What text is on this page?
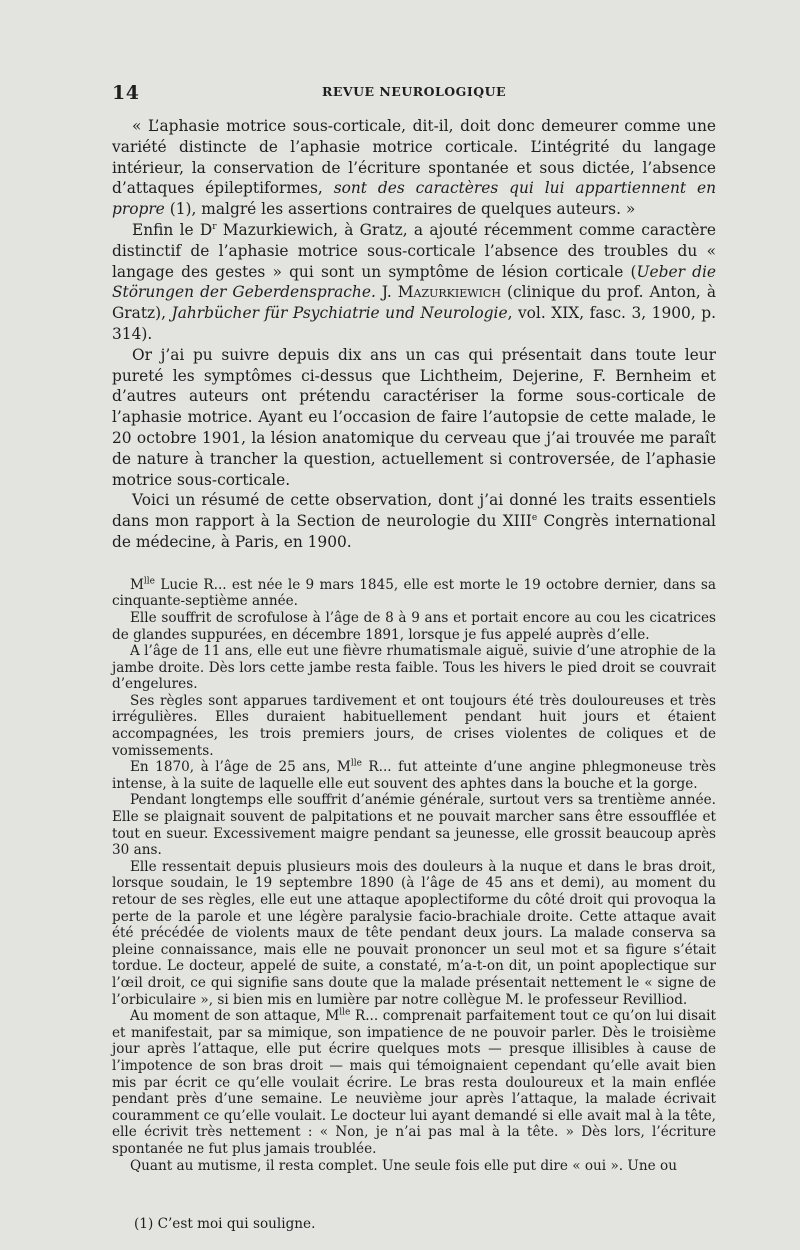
14	REVUE NEUROLOGIQUE

« L’aphasie motrice sous-corticale, dit-il, doit donc demeurer comme une variété distincte de l’aphasie motrice corticale. L’intégrité du langage intérieur, la conservation de l’écriture spontanée et sous dictée, l’absence d’attaques épileptiformes, sont des caractères qui lui appartiennent en propre (1), malgré les assertions contraires de quelques auteurs. »

Enfin le $D^r$ Mazurkiewich, à Gratz, a ajouté récemment comme caractère distinctif de l’aphasie motrice sous-corticale l’absence des troubles du « langage des gestes » qui sont un symptôme de lésion corticale (Ueber die Störungen der Geberdensprache. J. Mazurkiewich (clinique du prof. Anton, à Gratz), Jahrbücher für Psychiatrie und Neurologie, vol. XIX, fasc. 3, 1900, p. 314).

Or j’ai pu suivre depuis dix ans un cas qui présentait dans toute leur pureté les symptômes ci-dessus que Lichtheim, Dejerine, F. Bernheim et d’autres auteurs ont prétendu caractériser la forme sous-corticale de l’aphasie motrice. Ayant eu l’occasion de faire l’autopsie de cette malade, le 20 octobre 1901, la lésion anatomique du cerveau que j’ai trouvée me paraît de nature à trancher la question, actuellement si controversée, de l’aphasie motrice sous-corticale.

Voici un résumé de cette observation, dont j’ai donné les traits essentiels dans mon rapport à la Section de neurologie du XIIIe Congrès international de médecine, à Paris, en 1900.

$M^{lle}$ Lucie R... est née le 9 mars 1845, elle est morte le 19 octobre dernier, dans sa cinquante-septième année.

Elle souffrit de scrofulose à l’âge de 8 à 9 ans et portait encore au cou les cicatrices de glandes suppurées, en décembre 1891, lorsque je fus appelé auprès d’elle.

A l’âge de 11 ans, elle eut une fièvre rhumatismale aiguë, suivie d’une atrophie de la jambe droite. Dès lors cette jambe resta faible. Tous les hivers le pied droit se couvrait d’engelures.

Ses règles sont apparues tardivement et ont toujours été très douloureuses et très irrégulières. Elles duraient habituellement pendant huit jours et étaient accompagnées, les trois premiers jours, de crises violentes de coliques et de vomissements.

En 1870, à l’âge de 25 ans, $M^{lle}$ R... fut atteinte d’une angine phlegmoneuse très intense, à la suite de laquelle elle eut souvent des aphtes dans la bouche et la gorge.

Pendant longtemps elle souffrit d’anémie générale, surtout vers sa trentième année. Elle se plaignait souvent de palpitations et ne pouvait marcher sans être essoufflée et tout en sueur. Excessivement maigre pendant sa jeunesse, elle grossit beaucoup après 30 ans.

Elle ressentait depuis plusieurs mois des douleurs à la nuque et dans le bras droit, lorsque soudain, le 19 septembre 1890 (à l’âge de 45 ans et demi), au moment du retour de ses règles, elle eut une attaque apoplectiforme du côté droit qui provoqua la perte de la parole et une légère paralysie facio-brachiale droite. Cette attaque avait été précédée de violents maux de tête pendant deux jours. La malade conserva sa pleine connaissance, mais elle ne pouvait prononcer un seul mot et sa figure s’était tordue. Le docteur, appelé de suite, a constaté, m’a-t-on dit, un point apoplectique sur l’œil droit, ce qui signifie sans doute que la malade présentait nettement le « signe de l’orbiculaire », si bien mis en lumière par notre collègue M. le professeur Revilliod.

Au moment de son attaque, $M^{lle}$ R... comprenait parfaitement tout ce qu’on lui disait et manifestait, par sa mimique, son impatience de ne pouvoir parler. Dès le troisième jour après l’attaque, elle put écrire quelques mots — presque illisibles à cause de l’impotence de son bras droit — mais qui témoignaient cependant qu’elle avait bien mis par écrit ce qu’elle voulait écrire. Le bras resta douloureux et la main enflée pendant près d’une semaine. Le neuvième jour après l’attaque, la malade écrivait couramment ce qu’elle voulait. Le docteur lui ayant demandé si elle avait mal à la tête, elle écrivit très nettement : « Non, je n’ai pas mal à la tête. » Dès lors, l’écriture spontanée ne fut plus jamais troublée.

Quant au mutisme, il resta complet. Une seule fois elle put dire « oui ». Une ou

(1) C’est moi qui souligne.
